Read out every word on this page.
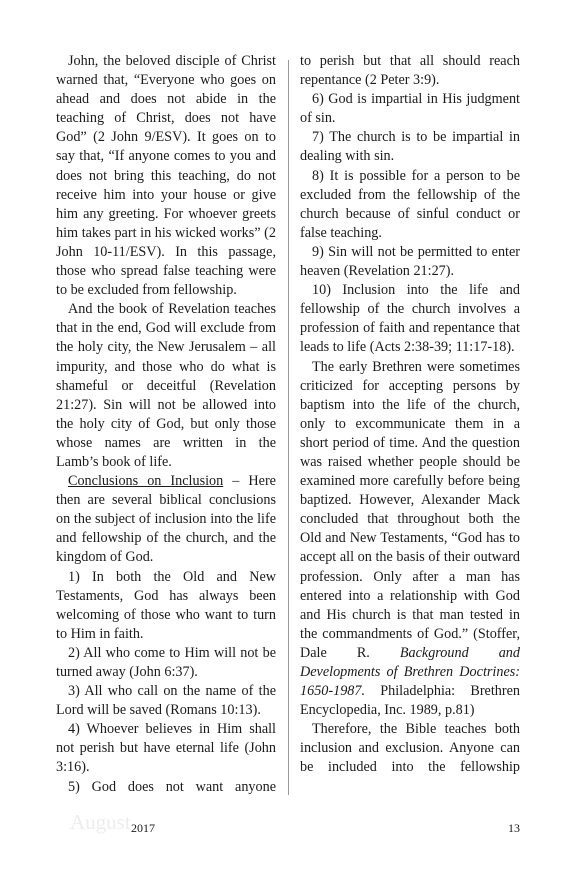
John, the beloved disciple of Christ warned that, “Everyone who goes on ahead and does not abide in the teaching of Christ, does not have God” (2 John 9/ESV). It goes on to say that, “If anyone comes to you and does not bring this teaching, do not receive him into your house or give him any greeting. For whoever greets him takes part in his wicked works” (2 John 10-11/ESV). In this passage, those who spread false teaching were to be excluded from fellowship.

And the book of Revelation teaches that in the end, God will exclude from the holy city, the New Jerusalem – all impurity, and those who do what is shameful or deceitful (Revelation 21:27). Sin will not be allowed into the holy city of God, but only those whose names are written in the Lamb’s book of life.

Conclusions on Inclusion – Here then are several biblical conclusions on the subject of inclusion into the life and fellowship of the church, and the kingdom of God.

1) In both the Old and New Testaments, God has always been welcoming of those who want to turn to Him in faith.

2) All who come to Him will not be turned away (John 6:37).

3) All who call on the name of the Lord will be saved (Romans 10:13).

4) Whoever believes in Him shall not perish but have eternal life (John 3:16).

5) God does not want anyone

to perish but that all should reach repentance (2 Peter 3:9).

6) God is impartial in His judgment of sin.

7) The church is to be impartial in dealing with sin.

8) It is possible for a person to be excluded from the fellowship of the church because of sinful conduct or false teaching.

9) Sin will not be permitted to enter heaven (Revelation 21:27).

10) Inclusion into the life and fellowship of the church involves a profession of faith and repentance that leads to life (Acts 2:38-39; 11:17-18).

The early Brethren were sometimes criticized for accepting persons by baptism into the life of the church, only to excommunicate them in a short period of time. And the question was raised whether people should be examined more carefully before being baptized. However, Alexander Mack concluded that throughout both the Old and New Testaments, “God has to accept all on the basis of their outward profession. Only after a man has entered into a relationship with God and His church is that man tested in the commandments of God.” (Stoffer, Dale R. Background and Developments of Brethren Doctrines: 1650-1987. Philadelphia: Brethren Encyclopedia, Inc. 1989, p.81)

Therefore, the Bible teaches both inclusion and exclusion. Anyone can be included into the fellowship

August 2017	13
